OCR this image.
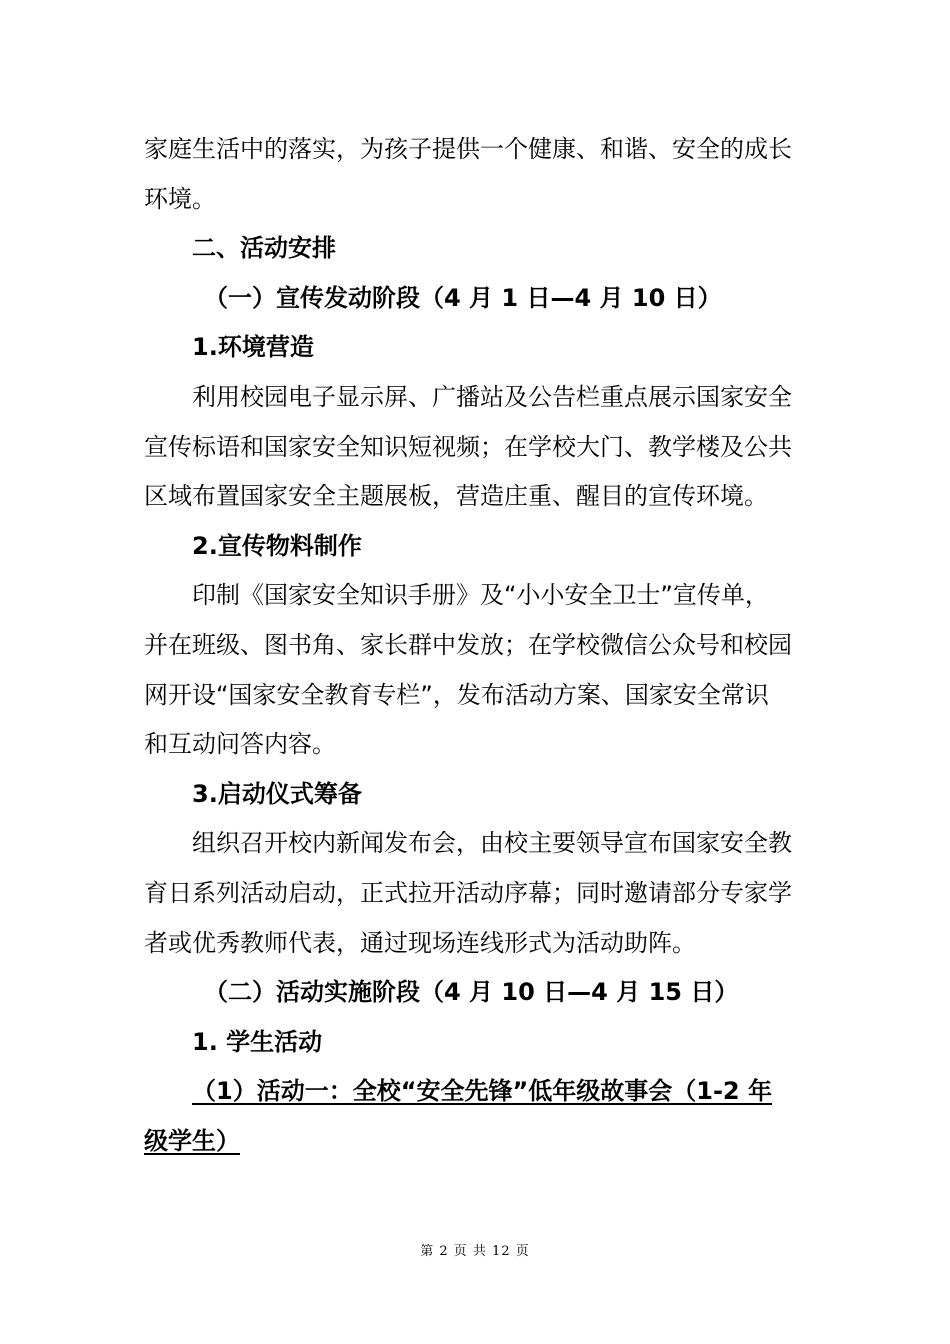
家庭生活中的落实，为孩子提供一个健康、和谐、安全的成长

环境。

二、活动安排

（一）宣传发动阶段（4 月 1 日—4 月 10 日）

1.环境营造

利用校园电子显示屏、广播站及公告栏重点展示国家安全

宣传标语和国家安全知识短视频；在学校大门、教学楼及公共

区域布置国家安全主题展板，营造庄重、醒目的宣传环境。

2.宣传物料制作

印制《国家安全知识手册》及“小小安全卫士”宣传单，

并在班级、图书角、家长群中发放；在学校微信公众号和校园

网开设“国家安全教育专栏”，发布活动方案、国家安全常识

和互动问答内容。

3.启动仪式筹备

组织召开校内新闻发布会，由校主要领导宣布国家安全教

育日系列活动启动，正式拉开活动序幕；同时邀请部分专家学

者或优秀教师代表，通过现场连线形式为活动助阵。

（二）活动实施阶段（4 月 10 日—4 月 15 日）

1. 学生活动

（1）活动一：全校“安全先锋”低年级故事会（1-2 年

级学生）

第 2 页 共 12 页
